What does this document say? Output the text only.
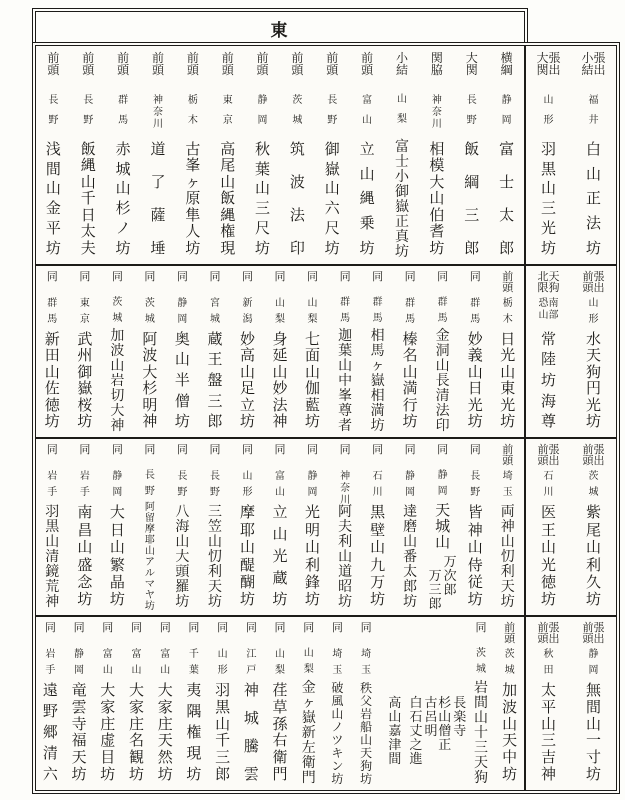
東
横
綱
静
岡
富
士
太
郎
大
関
長
野
飯
綱
三
郎
関
脇
神
奈
川
相
模
大
山
伯
耆
坊
小
結
山
梨
富
士
小
御
嶽
正
真
坊
前
頭
富
山
立
山
縄
乗
坊
前
頭
長
野
御
嶽
山
六
尺
坊
前
頭
茨
城
筑
波
法
印
前
頭
静
岡
秋
葉
山
三
尺
坊
前
頭
東
京
高
尾
山
飯
縄
権
現
前
頭
栃
木
古
峯
ヶ
原
隼
人
坊
前
頭
神
奈
川
道
了
薩
埵
前
頭
群
馬
赤
城
山
杉
ノ
坊
前
頭
長
野
飯
縄
山
千
日
太
夫
前
頭
長
野
浅
間
山
金
平
坊
張
出
小
結
福
井
白
山
正
法
坊
張
出
大
関
山
形
羽
黒
山
三
光
坊
前
頭
栃
木
日
光
山
東
光
坊
同
群
馬
妙
義
山
日
光
坊
同
群
馬
金
洞
山
長
清
法
印
同
群
馬
榛
名
山
満
行
坊
同
群
馬
相
馬
ヶ
嶽
相
満
坊
同
群
馬
迦
葉
山
中
峯
尊
者
同
山
梨
七
面
山
伽
藍
坊
同
山
梨
身
延
山
妙
法
神
同
新
潟
妙
高
山
足
立
坊
同
宮
城
蔵
王
盤
三
郎
同
静
岡
奥
山
半
僧
坊
同
茨
城
阿
波
大
杉
明
神
同
茨
城
加
波
山
岩
切
大
神
同
東
京
武
州
御
嶽
桜
坊
同
群
馬
新
田
山
佐
徳
坊
張
出
前
頭
山
形
水
天
狗
円
光
坊
天
狗
北
限
南
部
恐
山
常
陸
坊
海
尊
前
頭
埼
玉
両
神
山
忉
利
天
坊
同
長
野
皆
神
山
侍
従
坊
同
静
岡
天
城
山
万
次
郎
万
三
郎
同
静
岡
達
磨
山
番
太
郎
坊
同
石
川
黒
壁
山
九
万
坊
同
神
奈
川
阿
夫
利
山
道
昭
坊
同
静
岡
光
明
山
利
鋒
坊
同
富
山
立
山
光
蔵
坊
同
山
形
摩
耶
山
醍
醐
坊
同
長
野
三
笠
山
忉
利
天
坊
同
長
野
八
海
山
大
頭
羅
坊
同
長
野
阿
留
摩
耶
山
ア
ル
マ
ヤ
坊
同
静
岡
大
日
山
繁
晶
坊
同
岩
手
南
昌
山
盛
念
坊
同
岩
手
羽
黒
山
清
鏡
荒
神
張
出
前
頭
茨
城
紫
尾
山
利
久
坊
張
出
前
頭
石
川
医
王
山
光
徳
坊
前
頭
茨
城
加
波
山
天
中
坊
同
茨
城
岩
間
山
十
三
天
狗
長
楽
寺
杉
山
僧
正
古
呂
明
白
石
丈
之
進
高
山
嘉
津
間
同
埼
玉
秩
父
岩
船
山
天
狗
坊
同
埼
玉
破
風
山
ノ
ツ
キ
ン
坊
同
山
梨
金
ヶ
嶽
新
左
衛
門
同
山
梨
荏
草
孫
右
衛
門
同
江
戸
神
城
騰
雲
同
山
形
羽
黒
山
千
三
郎
同
千
葉
夷
隅
権
現
坊
同
富
山
大
家
庄
天
然
坊
同
富
山
大
家
庄
名
観
坊
同
富
山
大
家
庄
虚
目
坊
同
静
岡
竜
雲
寺
福
天
坊
同
岩
手
遠
野
郷
清
六
張
出
前
頭
静
岡
無
間
山
一
寸
坊
張
出
前
頭
秋
田
太
平
山
三
吉
神
